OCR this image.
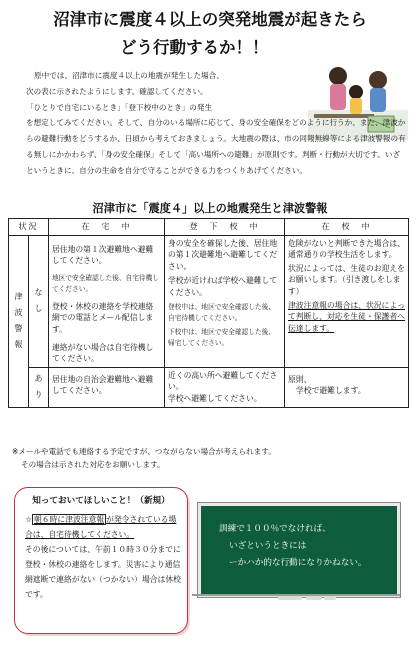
沼津市に震度４以上の突発地震が起きたら
どう行動するか！！

原中では、沼津市に震度４以上の地震が発生した場合、

次の表に示されたようにします。確認してください。

「ひとりで自宅にいるとき」「登下校中のとき」の発生

を想定してみてください。そして、自分のいる場所に応じて、身の安全確保をどのように行うか、また、津波からの避難行動をどうするか、日頃から考えておきましょう。大地震の際は、市の同報無線等による津波警報の有る無しにかかわらず、「身の安全確保」そして「高い場所への避難」が原則です。判断・行動が大切です。いざというときに、自分の生命を自分で守ることができる力をつくりあげてください。

沼津市に「震度４」以上の地震発生と津波警報
状況		在　宅　中	登　下　校　中	在　校　中
津波警報	なし	居住地の第１次避難地へ避難してください。
地区で安全確認した後、自宅待機してください。
登校・休校の連絡を学校連絡網での電話とメール配信します。
連絡がない場合は自宅待機してください。	身の安全を確保した後、居住地の第１次避難地へ避難してください。
学校が近ければ学校へ避難してください。
登校中は、地区で安全確認した後、自宅待機してください。
下校中は、地区で安全確認した後、帰宅してください。	危険がないと判断できた場合は、通常通りの学校生活をします。
状況によっては、生徒のお迎えをお願いします。（引き渡しをします）
津波注意報の場合は、状況によって判断し、対応を生徒・保護者へ伝達します。

	あり	居住地の自治会避難地へ避難してください。	近くの高い所へ避難してください。
学校へ避難してください。	原則、
学校で避難します。
※メールや電話でも連絡する予定ですが、つながらない場合が考えられます。
その場合は示された対応をお願いします。
知っておいてほしいこと！（新規）

☆ 朝６時に津波注意報 が発令されている場合は、自宅待機してください。

その後については、午前１０時３０分までに登校・休校の連絡をします。災害により通信網遮断で連絡がない（つかない）場合は休校です。

訓練で１００％でなければ、
いざというときには
ーかハか的な行動になりかねない。
